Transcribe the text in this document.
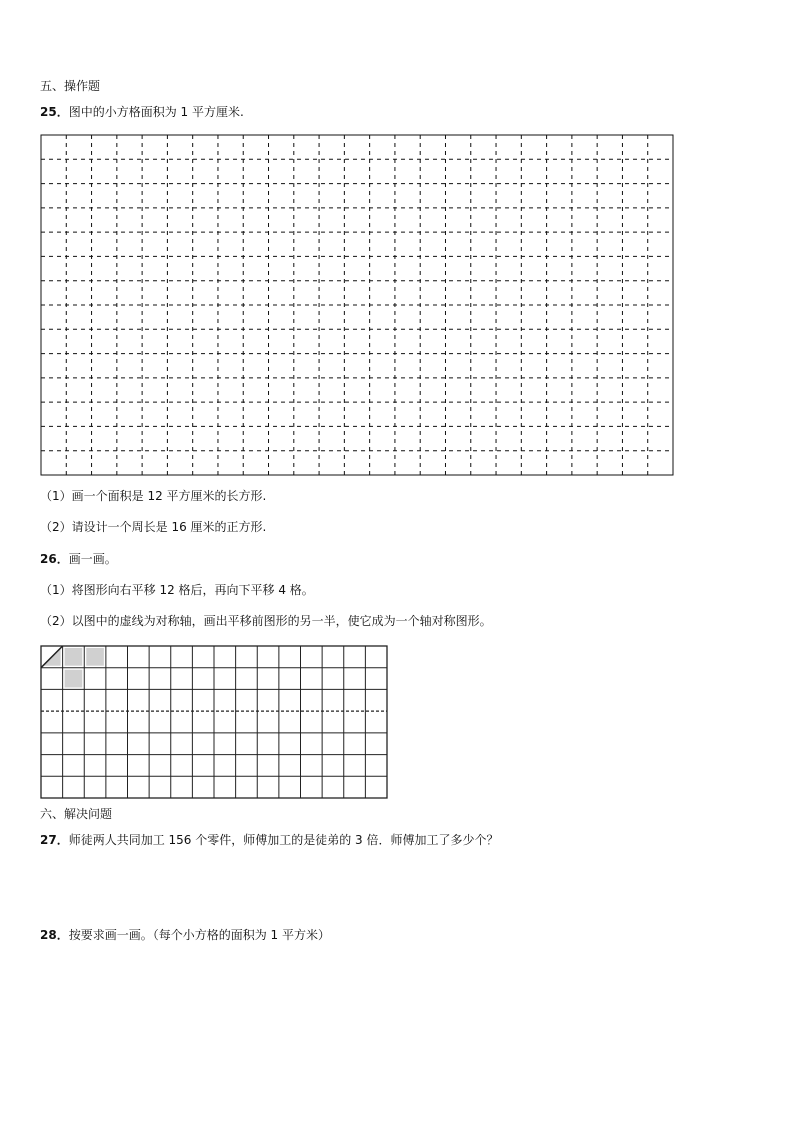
五、操作题

25．图中的小方格面积为 1 平方厘米.

（1）画一个面积是 12 平方厘米的长方形.

（2）请设计一个周长是 16 厘米的正方形.

26．画一画。

（1）将图形向右平移 12 格后，再向下平移 4 格。

（2）以图中的虚线为对称轴，画出平移前图形的另一半，使它成为一个轴对称图形。

六、解决问题

27．师徒两人共同加工 156 个零件，师傅加工的是徒弟的 3 倍．师傅加工了多少个？

28．按要求画一画。（每个小方格的面积为 1 平方米）
